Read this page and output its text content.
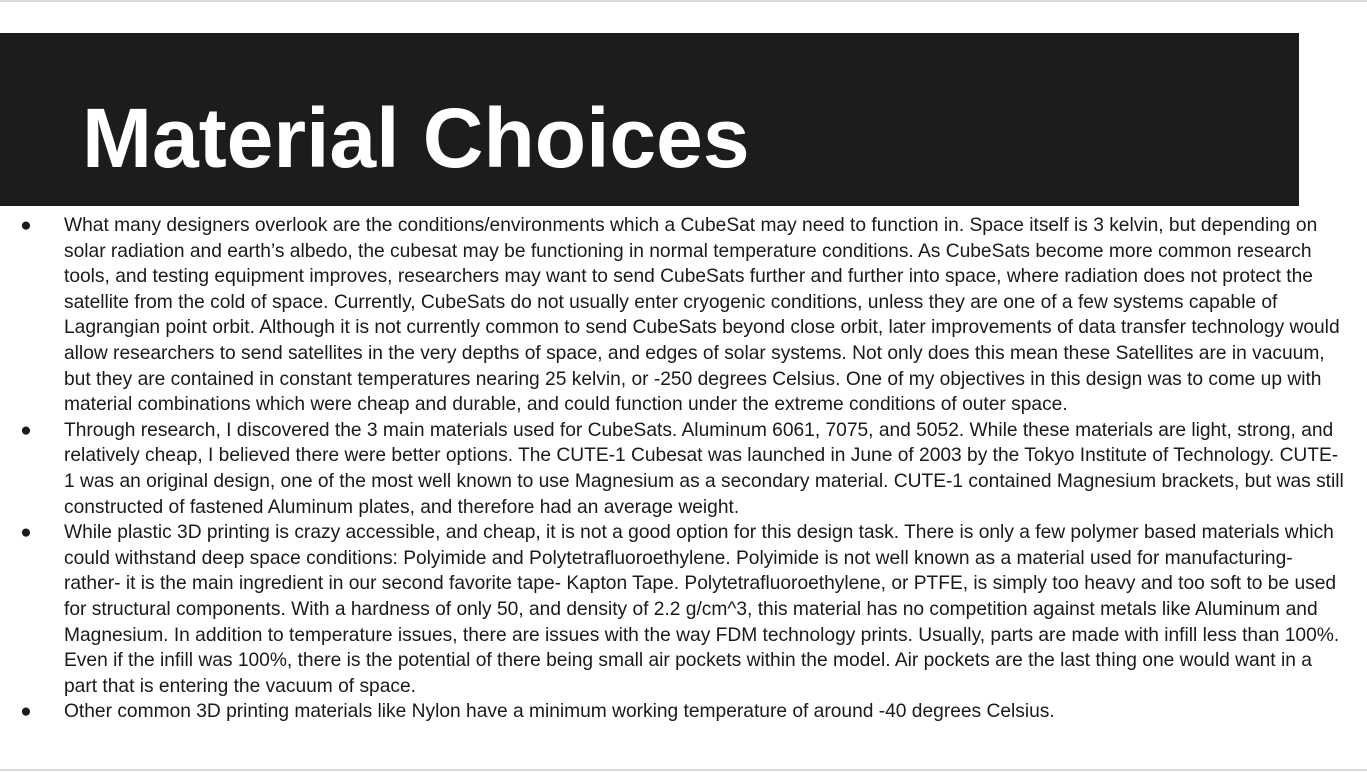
Material Choices
● What many designers overlook are the conditions/environments which a CubeSat may need to function in. Space itself is 3 kelvin, but depending on solar radiation and earth’s albedo, the cubesat may be functioning in normal temperature conditions. As CubeSats become more common research tools, and testing equipment improves, researchers may want to send CubeSats further and further into space, where radiation does not protect the satellite from the cold of space. Currently, CubeSats do not usually enter cryogenic conditions, unless they are one of a few systems capable of Lagrangian point orbit. Although it is not currently common to send CubeSats beyond close orbit, later improvements of data transfer technology would allow researchers to send satellites in the very depths of space, and edges of solar systems. Not only does this mean these Satellites are in vacuum, but they are contained in constant temperatures nearing 25 kelvin, or -250 degrees Celsius. One of my objectives in this design was to come up with material combinations which were cheap and durable, and could function under the extreme conditions of outer space.
● Through research, I discovered the 3 main materials used for CubeSats. Aluminum 6061, 7075, and 5052. While these materials are light, strong, and relatively cheap, I believed there were better options. The CUTE-1 Cubesat was launched in June of 2003 by the Tokyo Institute of Technology. CUTE-1 was an original design, one of the most well known to use Magnesium as a secondary material. CUTE-1 contained Magnesium brackets, but was still constructed of fastened Aluminum plates, and therefore had an average weight.
● While plastic 3D printing is crazy accessible, and cheap, it is not a good option for this design task. There is only a few polymer based materials which could withstand deep space conditions: Polyimide and Polytetrafluoroethylene. Polyimide is not well known as a material used for manufacturing- rather- it is the main ingredient in our second favorite tape- Kapton Tape. Polytetrafluoroethylene, or PTFE, is simply too heavy and too soft to be used for structural components. With a hardness of only 50, and density of 2.2 g/cm^3, this material has no competition against metals like Aluminum and Magnesium. In addition to temperature issues, there are issues with the way FDM technology prints. Usually, parts are made with infill less than 100%. Even if the infill was 100%, there is the potential of there being small air pockets within the model. Air pockets are the last thing one would want in a part that is entering the vacuum of space.
● Other common 3D printing materials like Nylon have a minimum working temperature of around -40 degrees Celsius.
